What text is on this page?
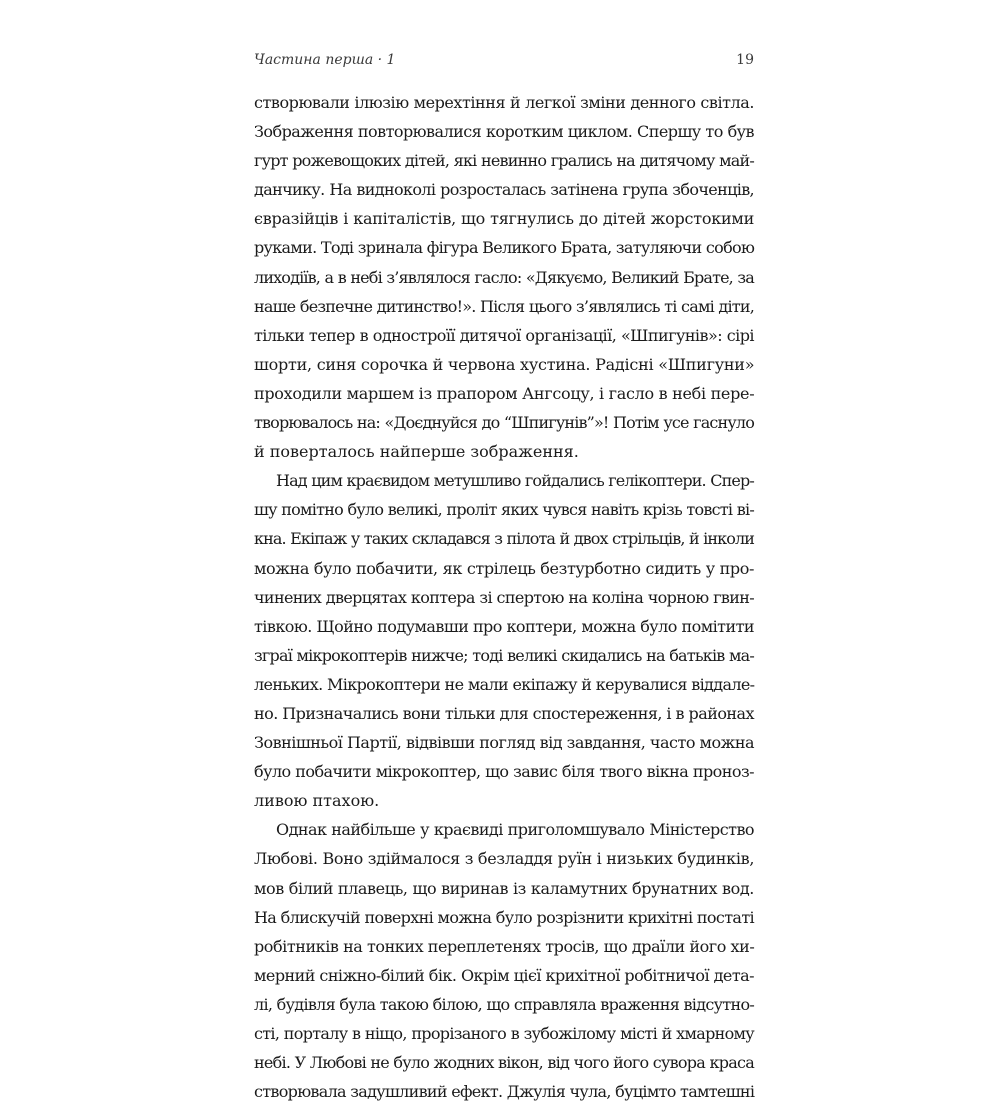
Частина перша · 1	19
створювали ілюзію мерехтіння й легкої зміни денного світла.
Зображення повторювалися коротким циклом. Спершу то був
гурт рожевощоких дітей, які невинно грались на дитячому май-
данчику. На видноколі розросталась затінена група збоченців,
євразійців і капіталістів, що тягнулись до дітей жорстокими
руками. Тоді зринала фігура Великого Брата, затуляючи собою
лиходіїв, а в небі з’являлося гасло: «Дякуємо, Великий Брате, за
наше безпечне дитинство!». Після цього з’являлись ті самі діти,
тільки тепер в одностроїї дитячої організації, «Шпигунів»: сірі
шорти, синя сорочка й червона хустина. Радісні «Шпигуни»
проходили маршем із прапором Ангсоцу, і гасло в небі пере-
творювалось на: «Доєднуйся до “Шпигунів”»! Потім усе гаснуло
й поверталось найперше зображення.
Над цим краєвидом метушливо гойдались гелікоптери. Спер-
шу помітно було великі, проліт яких чувся навіть крізь товсті ві-
кна. Екіпаж у таких складався з пілота й двох стрільців, й інколи
можна було побачити, як стрілець безтурботно сидить у про-
чинених дверцятах коптера зі спертою на коліна чорною гвин-
тівкою. Щойно подумавши про коптери, можна було помітити
зграї мікрокоптерів нижче; тоді великі скидались на батьків ма-
леньких. Мікрокоптери не мали екіпажу й керувалися віддале-
но. Призначались вони тільки для спостереження, і в районах
Зовнішньої Партії, відвівши погляд від завдання, часто можна
було побачити мікрокоптер, що завис біля твого вікна проноз-
ливою птахою.
Однак найбільше у краєвиді приголомшувало Міністерство
Любові. Воно здіймалося з безладдя руїн і низьких будинків,
мов білий плавець, що виринав із каламутних брунатних вод.
На блискучій поверхні можна було розрізнити крихітні постаті
робітників на тонких переплетенях тросів, що драїли його хи-
мерний сніжно-білий бік. Окрім цієї крихітної робітничої дета-
лі, будівля була такою білою, що справляла враження відсутно-
сті, порталу в ніщо, прорізаного в зубожілому місті й хмарному
небі. У Любові не було жодних вікон, від чого його сувора краса
створювала задушливий ефект. Джулія чула, буцімто тамтешні
